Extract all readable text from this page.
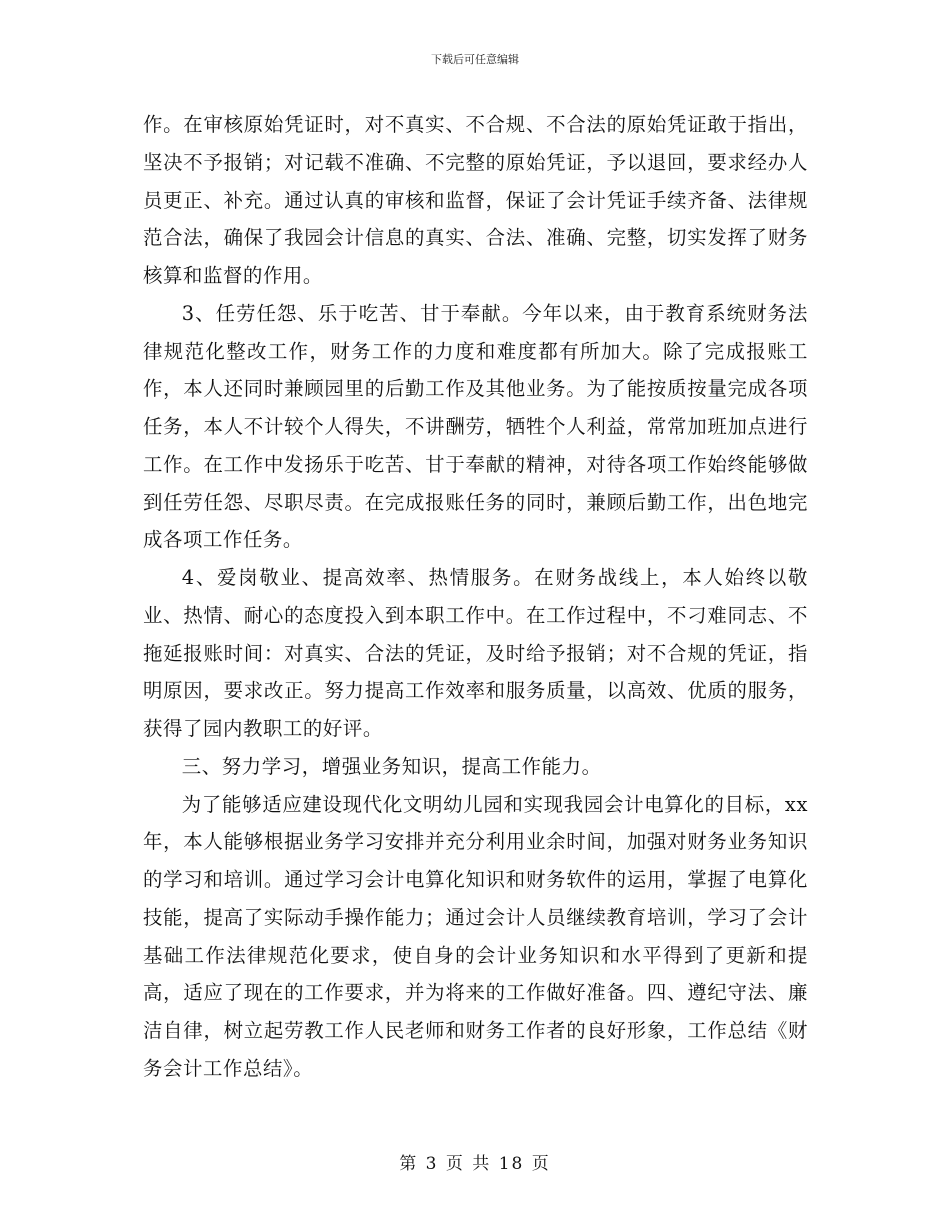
下载后可任意编辑

作。在审核原始凭证时，对不真实、不合规、不合法的原始凭证敢于指出，坚决不予报销；对记载不准确、不完整的原始凭证，予以退回，要求经办人员更正、补充。通过认真的审核和监督，保证了会计凭证手续齐备、法律规范合法，确保了我园会计信息的真实、合法、准确、完整，切实发挥了财务核算和监督的作用。

3、任劳任怨、乐于吃苦、甘于奉献。今年以来，由于教育系统财务法律规范化整改工作，财务工作的力度和难度都有所加大。除了完成报账工作，本人还同时兼顾园里的后勤工作及其他业务。为了能按质按量完成各项任务，本人不计较个人得失，不讲酬劳，牺牲个人利益，常常加班加点进行工作。在工作中发扬乐于吃苦、甘于奉献的精神，对待各项工作始终能够做到任劳任怨、尽职尽责。在完成报账任务的同时，兼顾后勤工作，出色地完成各项工作任务。

4、爱岗敬业、提高效率、热情服务。在财务战线上，本人始终以敬业、热情、耐心的态度投入到本职工作中。在工作过程中，不刁难同志、不拖延报账时间：对真实、合法的凭证，及时给予报销；对不合规的凭证，指明原因，要求改正。努力提高工作效率和服务质量，以高效、优质的服务，获得了园内教职工的好评。

三、努力学习，增强业务知识，提高工作能力。

为了能够适应建设现代化文明幼儿园和实现我园会计电算化的目标，xx年，本人能够根据业务学习安排并充分利用业余时间，加强对财务业务知识的学习和培训。通过学习会计电算化知识和财务软件的运用，掌握了电算化技能，提高了实际动手操作能力；通过会计人员继续教育培训，学习了会计基础工作法律规范化要求，使自身的会计业务知识和水平得到了更新和提高，适应了现在的工作要求，并为将来的工作做好准备。四、遵纪守法、廉洁自律，树立起劳教工作人民老师和财务工作者的良好形象，工作总结《财务会计工作总结》。

第 3 页 共 18 页
